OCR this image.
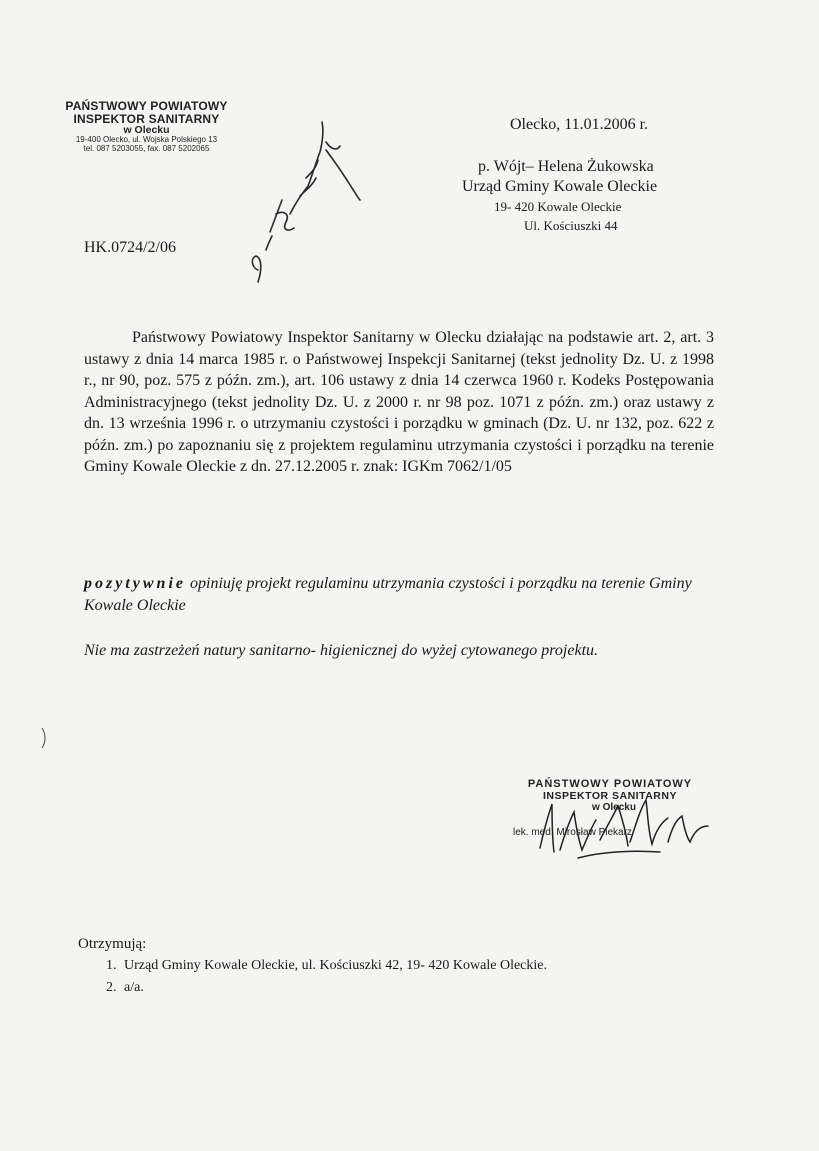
PAŃSTWOWY POWIATOWY
INSPEKTOR SANITARNY
w Olecku
19-400 Olecko, ul. Wojska Polskiego 13
tel. 087 5203055, fax. 087 5202065
Olecko, 11.01.2006 r.
p. Wójt– Helena Żukowska
Urząd Gminy Kowale Oleckie
19- 420 Kowale Oleckie
Ul. Kościuszki 44
HK.0724/2/06
Państwowy Powiatowy Inspektor Sanitarny w Olecku działając na podstawie art. 2, art. 3 ustawy z dnia 14 marca 1985 r. o Państwowej Inspekcji Sanitarnej (tekst jednolity Dz. U. z 1998 r., nr 90, poz. 575 z późn. zm.), art. 106 ustawy z dnia 14 czerwca 1960 r. Kodeks Postępowania Administracyjnego (tekst jednolity Dz. U. z 2000 r. nr 98 poz. 1071 z późn. zm.) oraz ustawy z dn. 13 września 1996 r. o utrzymaniu czystości i porządku w gminach (Dz. U. nr 132, poz. 622 z późn. zm.) po zapoznaniu się z projektem regulaminu utrzymania czystości i porządku na terenie Gminy Kowale Oleckie z dn. 27.12.2005 r. znak: IGKm 7062/1/05
pozytywnie opiniuję projekt regulaminu utrzymania czystości i porządku na terenie Gminy Kowale Oleckie
Nie ma zastrzeżeń natury sanitarno- higienicznej do wyżej cytowanego projektu.
PAŃSTWOWY POWIATOWY
INSPEKTOR SANITARNY
w Olecku
lek. med. Mirosław Piekarz
Otrzymują:
1. Urząd Gminy Kowale Oleckie, ul. Kościuszki 42, 19- 420 Kowale Oleckie.
2. a/a.
